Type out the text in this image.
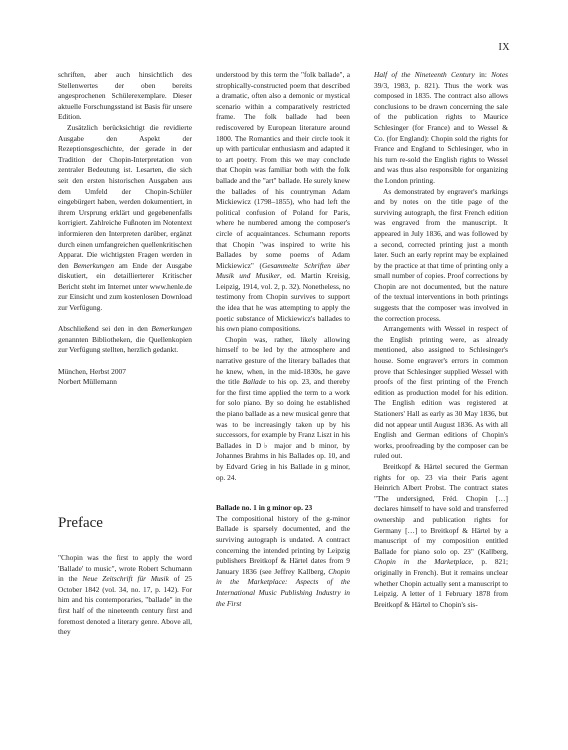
IX

schriften, aber auch hinsichtlich des Stellenwertes der oben bereits angesprochenen Schülerexemplare. Dieser aktuelle Forschungsstand ist Basis für unsere Edition.

Zusätzlich berücksichtigt die revidierte Ausgabe den Aspekt der Rezeptionsgeschichte, der gerade in der Tradition der Chopin-Interpretation von zentraler Bedeutung ist. Lesarten, die sich seit den ersten historischen Ausgaben aus dem Umfeld der Chopin-Schüler eingebürgert haben, werden dokumentiert, in ihrem Ursprung erklärt und gegebenenfalls korrigiert. Zahlreiche Fußnoten im Notentext informieren den Interpreten darüber, ergänzt durch einen umfangreichen quellenkritischen Apparat. Die wichtigsten Fragen werden in den Bemerkungen am Ende der Ausgabe diskutiert, ein detaillierterer Kritischer Bericht steht im Internet unter www.henle.de zur Einsicht und zum kostenlosen Download zur Verfügung.

Abschließend sei den in den Bemerkungen genannten Bibliotheken, die Quellenkopien zur Verfügung stellten, herzlich gedankt.

München, Herbst 2007

Norbert Müllemann

Preface

"Chopin was the first to apply the word 'Ballade' to music", wrote Robert Schumann in the Neue Zeitschrift für Musik of 25 October 1842 (vol. 34, no. 17, p. 142). For him and his contemporaries, "ballade" in the first half of the nineteenth century first and foremost denoted a literary genre. Above all, they

understood by this term the "folk ballade", a strophically-constructed poem that described a dramatic, often also a demonic or mystical scenario within a comparatively restricted frame. The folk ballade had been rediscovered by European literature around 1800. The Romantics and their circle took it up with particular enthusiasm and adapted it to art poetry. From this we may conclude that Chopin was familiar both with the folk ballade and the "art" ballade. He surely knew the ballades of his countryman Adam Mickiewicz (1798–1855), who had left the political confusion of Poland for Paris, where he numbered among the composer's circle of acquaintances. Schumann reports that Chopin "was inspired to write his Ballades by some poems of Adam Mickiewicz" (Gesammelte Schriften über Musik und Musiker, ed. Martin Kreisig, Leipzig, 1914, vol. 2, p. 32). Nonetheless, no testimony from Chopin survives to support the idea that he was attempting to apply the poetic substance of Mickiewicz's ballades to his own piano compositions.

Chopin was, rather, likely allowing himself to be led by the atmosphere and narrative gesture of the literary ballades that he knew, when, in the mid-1830s, he gave the title Ballade to his op. 23, and thereby for the first time applied the term to a work for solo piano. By so doing he established the piano ballade as a new musical genre that was to be increasingly taken up by his successors, for example by Franz Liszt in his Ballades in D♭ major and b minor, by Johannes Brahms in his Ballades op. 10, and by Edvard Grieg in his Ballade in g minor, op. 24.

Ballade no. 1 in g minor op. 23

The compositional history of the g-minor Ballade is sparsely documented, and the surviving autograph is undated. A contract concerning the intended printing by Leipzig publishers Breitkopf & Härtel dates from 9 January 1836 (see Jeffrey Kallberg, Chopin in the Marketplace: Aspects of the International Music Publishing Industry in the First

Half of the Nineteenth Century in: Notes 39/3, 1983, p. 821). Thus the work was composed in 1835. The contract also allows conclusions to be drawn concerning the sale of the publication rights to Maurice Schlesinger (for France) and to Wessel & Co. (for England): Chopin sold the rights for France and England to Schlesinger, who in his turn re-sold the English rights to Wessel and was thus also responsible for organizing the London printing.

As demonstrated by engraver's markings and by notes on the title page of the surviving autograph, the first French edition was engraved from the manuscript. It appeared in July 1836, and was followed by a second, corrected printing just a month later. Such an early reprint may be explained by the practice at that time of printing only a small number of copies. Proof corrections by Chopin are not documented, but the nature of the textual interventions in both printings suggests that the composer was involved in the correction process.

Arrangements with Wessel in respect of the English printing were, as already mentioned, also assigned to Schlesinger's house. Some engraver's errors in common prove that Schlesinger supplied Wessel with proofs of the first printing of the French edition as production model for his edition. The English edition was registered at Stationers' Hall as early as 30 May 1836, but did not appear until August 1836. As with all English and German editions of Chopin's works, proofreading by the composer can be ruled out.

Breitkopf & Härtel secured the German rights for op. 23 via their Paris agent Heinrich Albert Probst. The contract states "The undersigned, Fréd. Chopin […] declares himself to have sold and transferred ownership and publication rights for Germany […] to Breitkopf & Härtel by a manuscript of my composition entitled Ballade for piano solo op. 23" (Kallberg, Chopin in the Marketplace, p. 821; originally in French). But it remains unclear whether Chopin actually sent a manuscript to Leipzig. A letter of 1 February 1878 from Breitkopf & Härtel to Chopin's sis-
